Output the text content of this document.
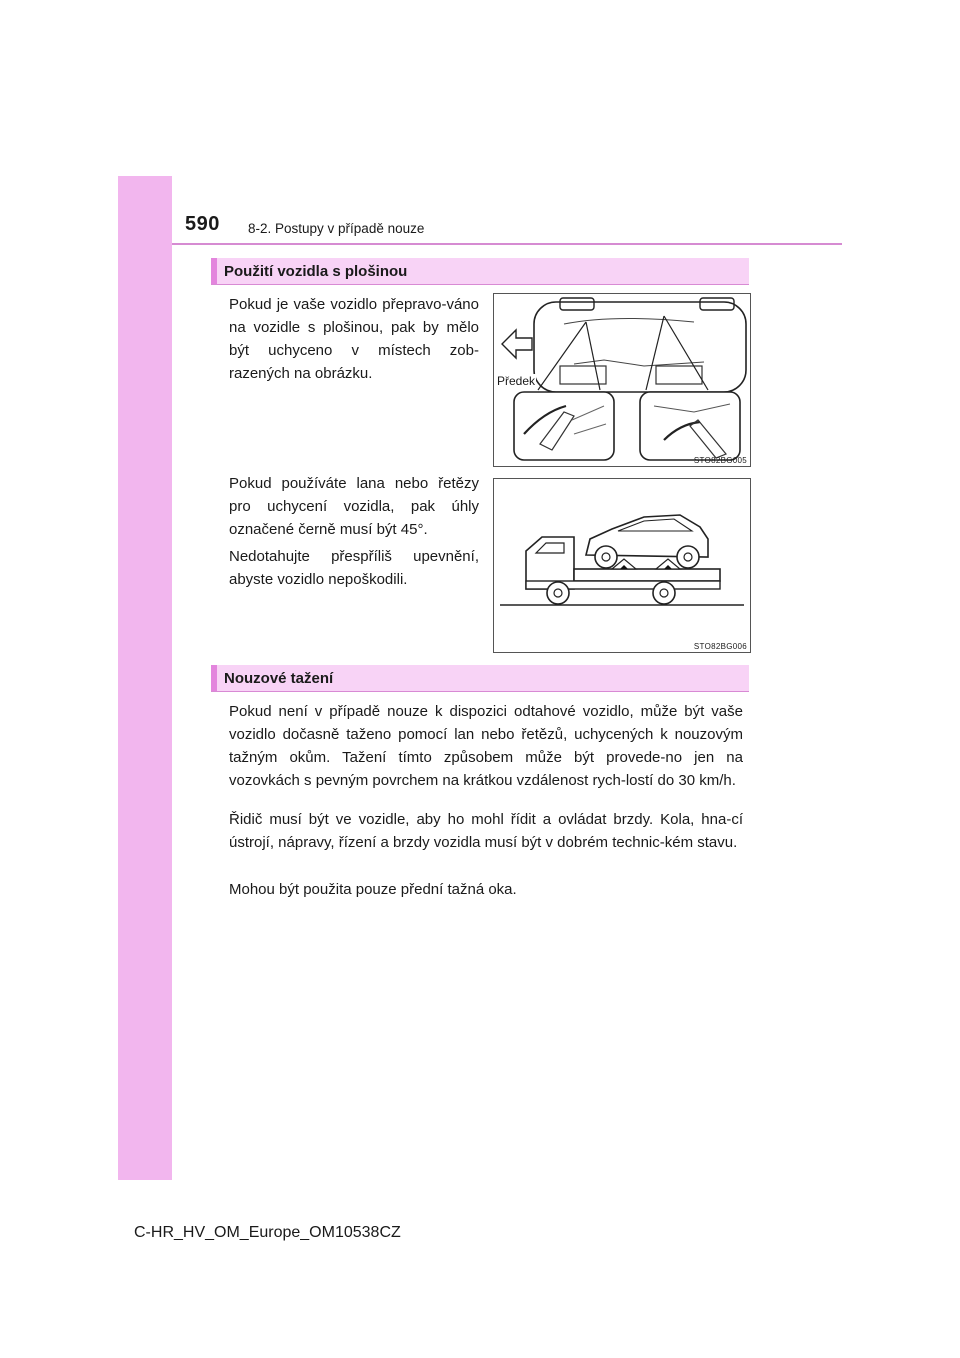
590 8-2. Postupy v případě nouze
Použití vozidla s plošinou
Pokud je vaše vozidlo přepravo-váno na vozidle s plošinou, pak by mělo být uchyceno v místech zob-razených na obrázku.	Předek
STO82BG005
Pokud používáte lana nebo řetězy pro uchycení vozidla, pak úhly označené černě musí být 45°.
Nedotahujte přespříliš upevnění, abyste vozidlo nepoškodili.
STO82BG006
Nouzové tažení
Pokud není v případě nouze k dispozici odtahové vozidlo, může být vaše vozidlo dočasně taženo pomocí lan nebo řetězů, uchycených k nouzovým tažným okům. Tažení tímto způsobem může být provede-no jen na vozovkách s pevným povrchem na krátkou vzdálenost rych-lostí do 30 km/h.
Řidič musí být ve vozidle, aby ho mohl řídit a ovládat brzdy. Kola, hna-cí ústrojí, nápravy, řízení a brzdy vozidla musí být v dobrém technic-kém stavu.
Mohou být použita pouze přední tažná oka.
C-HR_HV_OM_Europe_OM10538CZ
